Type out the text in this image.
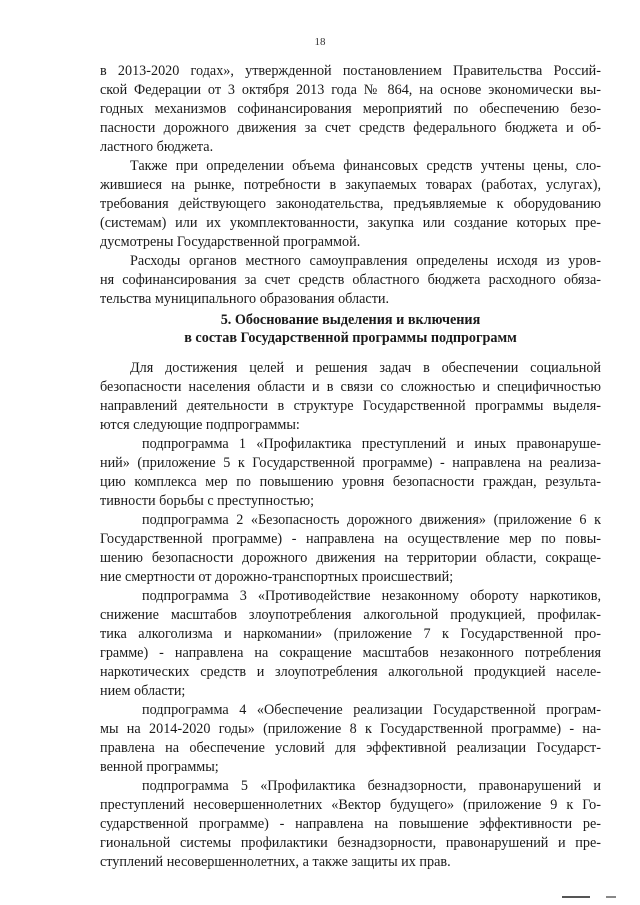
18
в 2013-2020 годах», утвержденной постановлением Правительства Россий-
ской Федерации от 3 октября 2013 года № 864, на основе экономически вы-
годных механизмов софинансирования мероприятий по обеспечению безо-
пасности дорожного движения за счет средств федерального бюджета и об-
ластного бюджета.
Также при определении объема финансовых средств учтены цены, сло-
жившиеся на рынке, потребности в закупаемых товарах (работах, услугах),
требования действующего законодательства, предъявляемые к оборудованию
(системам) или их укомплектованности, закупка или создание которых пре-
дусмотрены Государственной программой.
Расходы органов местного самоуправления определены исходя из уров-
ня софинансирования за счет средств областного бюджета расходного обяза-
тельства муниципального образования области.
5. Обоснование выделения и включения
в состав Государственной программы подпрограмм
Для достижения целей и решения задач в обеспечении социальной
безопасности населения области и в связи со сложностью и специфичностью
направлений деятельности в структуре Государственной программы выделя-
ются следующие подпрограммы:
подпрограмма 1 «Профилактика преступлений и иных правонаруше-
ний» (приложение 5 к Государственной программе) - направлена на реализа-
цию комплекса мер по повышению уровня безопасности граждан, результа-
тивности борьбы с преступностью;
подпрограмма 2 «Безопасность дорожного движения» (приложение 6 к
Государственной программе) - направлена на осуществление мер по повы-
шению безопасности дорожного движения на территории области, сокраще-
ние смертности от дорожно-транспортных происшествий;
подпрограмма 3 «Противодействие незаконному обороту наркотиков,
снижение масштабов злоупотребления алкогольной продукцией, профилак-
тика алкоголизма и наркомании» (приложение 7 к Государственной про-
грамме) - направлена на сокращение масштабов незаконного потребления
наркотических средств и злоупотребления алкогольной продукцией населе-
нием области;
подпрограмма 4 «Обеспечение реализации Государственной програм-
мы на 2014-2020 годы» (приложение 8 к Государственной программе) - на-
правлена на обеспечение условий для эффективной реализации Государст-
венной программы;
подпрограмма 5 «Профилактика безнадзорности, правонарушений и
преступлений несовершеннолетних «Вектор будущего» (приложение 9 к Го-
сударственной программе) - направлена на повышение эффективности ре-
гиональной системы профилактики безнадзорности, правонарушений и пре-
ступлений несовершеннолетних, а также защиты их прав.
